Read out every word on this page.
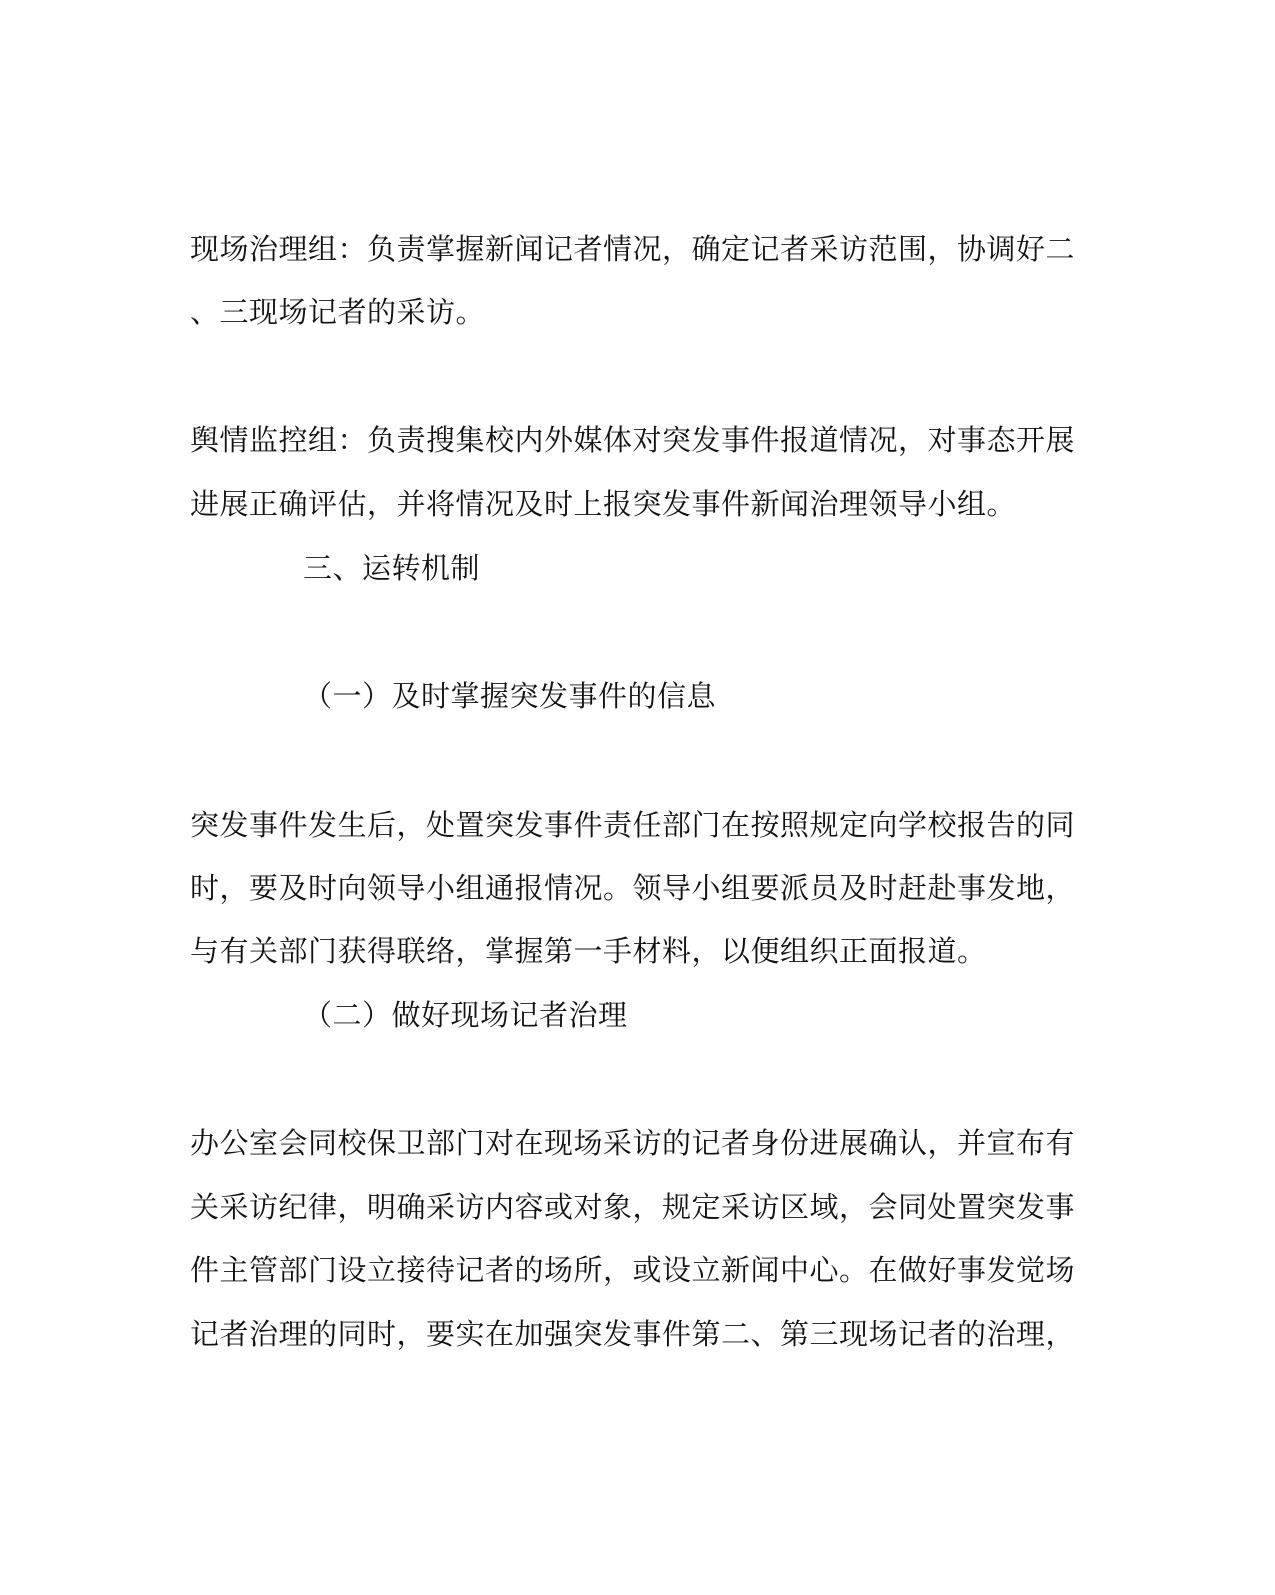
现场治理组：负责掌握新闻记者情况，确定记者采访范围，协调好二
、三现场记者的采访。
舆情监控组：负责搜集校内外媒体对突发事件报道情况，对事态开展
进展正确评估，并将情况及时上报突发事件新闻治理领导小组。
三、运转机制
（一）及时掌握突发事件的信息
突发事件发生后，处置突发事件责任部门在按照规定向学校报告的同
时，要及时向领导小组通报情况。领导小组要派员及时赶赴事发地，
与有关部门获得联络，掌握第一手材料，以便组织正面报道。
（二）做好现场记者治理
办公室会同校保卫部门对在现场采访的记者身份进展确认，并宣布有
关采访纪律，明确采访内容或对象，规定采访区域，会同处置突发事
件主管部门设立接待记者的场所，或设立新闻中心。在做好事发觉场
记者治理的同时，要实在加强突发事件第二、第三现场记者的治理，
